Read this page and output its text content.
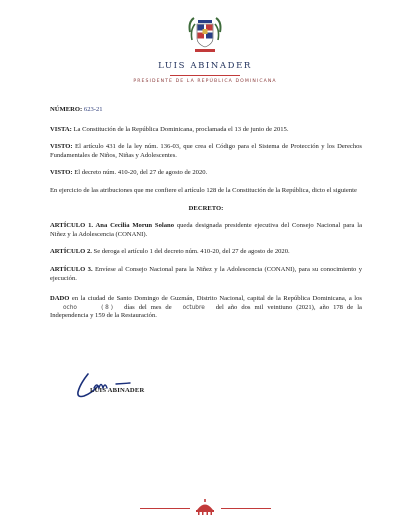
LUIS ABINADER
PRESIDENTE DE LA REPÚBLICA DOMINICANA

NÚMERO: 623-21

VISTA: La Constitución de la República Dominicana, proclamada el 13 de junio de 2015.

VISTO: El artículo 431 de la ley núm. 136-03, que crea el Código para el Sistema de Protección y los Derechos Fundamentales de Niños, Niñas y Adolescentes.

VISTO: El decreto núm. 410-20, del 27 de agosto de 2020.

En ejercicio de las atribuciones que me confiere el artículo 128 de la Constitución de la República, dicto el siguiente

DECRETO:

ARTÍCULO 1. Ana Cecilia Morun Solano queda designada presidente ejecutiva del Consejo Nacional para la Niñez y la Adolescencia (CONANI).

ARTÍCULO 2. Se deroga el artículo 1 del decreto núm. 410-20, del 27 de agosto de 2020.

ARTÍCULO 3. Envíese al Consejo Nacional para la Niñez y la Adolescencia (CONANI), para su conocimiento y ejecución.

DADO en la ciudad de Santo Domingo de Guzmán, Distrito Nacional, capital de la República Dominicana, a los ocho	( 8 ) días del mes de octubre del año dos mil veintiuno (2021), año 178 de la Independencia y 159 de la Restauración.

LUIS ABINADER
